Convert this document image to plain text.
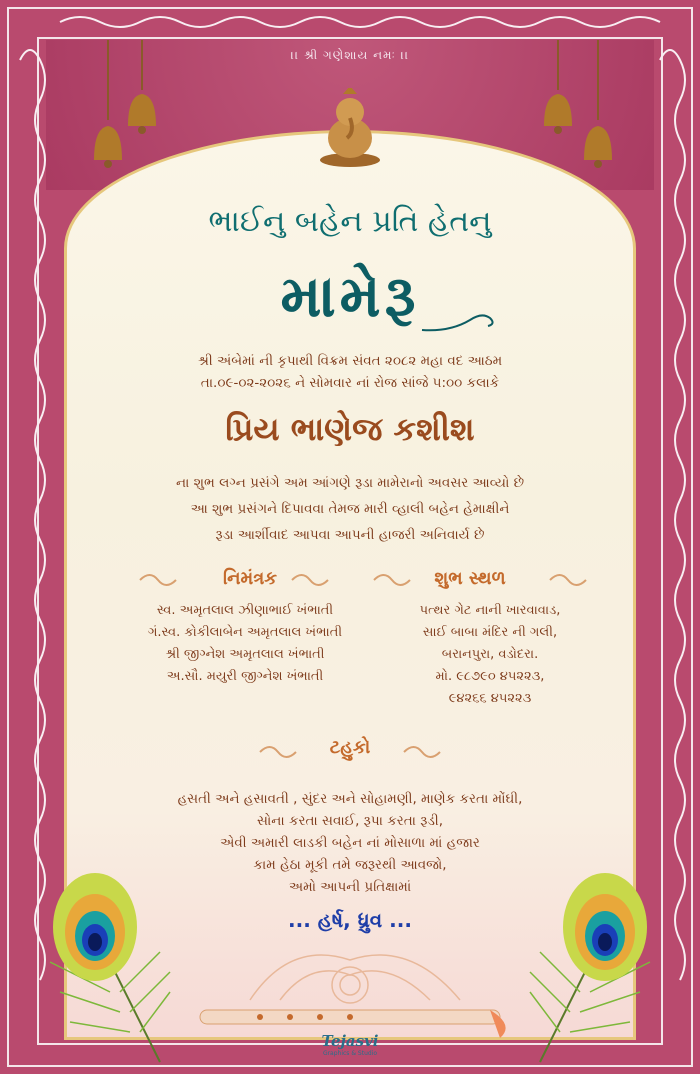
।। શ્રી ગણેશાય નમઃ ।।
ભાઈનુ બહેન પ્રતિ હેતનુ
મામેરૂ
શ્રી અંબેમાં ની કૃપાથી વિક્રમ સંવત ૨૦૮૨ મહા વદ આઠમ
તા.૦૯-૦૨-૨૦૨૬ ને સોમવાર નાં રોજ સાંજે ૫:૦૦ કલાકે
પ્રિય ભાણેજ કશીશ
ના શુભ લગ્ન પ્રસંગે અમ આંગણે રૂડા મામેરાનો અવસર આવ્યો છે
આ શુભ પ્રસંગને દિપાવવા તેમજ મારી વ્હાલી બહેન હેમાક્ષીને
રૂડા આર્શીવાદ આપવા આપની હાજરી અનિવાર્ય છે
નિમંત્રક	શુભ સ્થળ
સ્વ. અમૃતલાલ ઝીણાભાઈ ખંભાતી
ગં.સ્વ. કોકીલાબેન અમૃતલાલ ખંભાતી
શ્રી જીગ્નેશ અમૃતલાલ ખંભાતી
અ.સૌ. મયુરી જીગ્નેશ ખંભાતી
પત્થર ગેટ નાની ખારવાવાડ,
સાઈ બાબા મંદિર ની ગલી,
બરાનપુરા, વડોદરા.
મો. ૯૮૭૯૦ ૪૫૨૨૩,
૯૪૨૬૬ ૪૫૨૨૩
ટહુકો
હસતી અને હસાવતી , સુંદર અને સોહામણી, માણેક કરતા મોંઘી,
સોના કરતા સવાઈ, રૂપા કરતા રૂડી,
એવી અમારી લાડકી બહેન નાં મોસાળા માં હજાર
કામ હેઠા મૂકી તમે જરૂરથી આવજો,
અમો આપની પ્રતિક્ષામાં
... હર્ષ, ધ્રુવ ...
Tejasvi
Graphics & Studio
